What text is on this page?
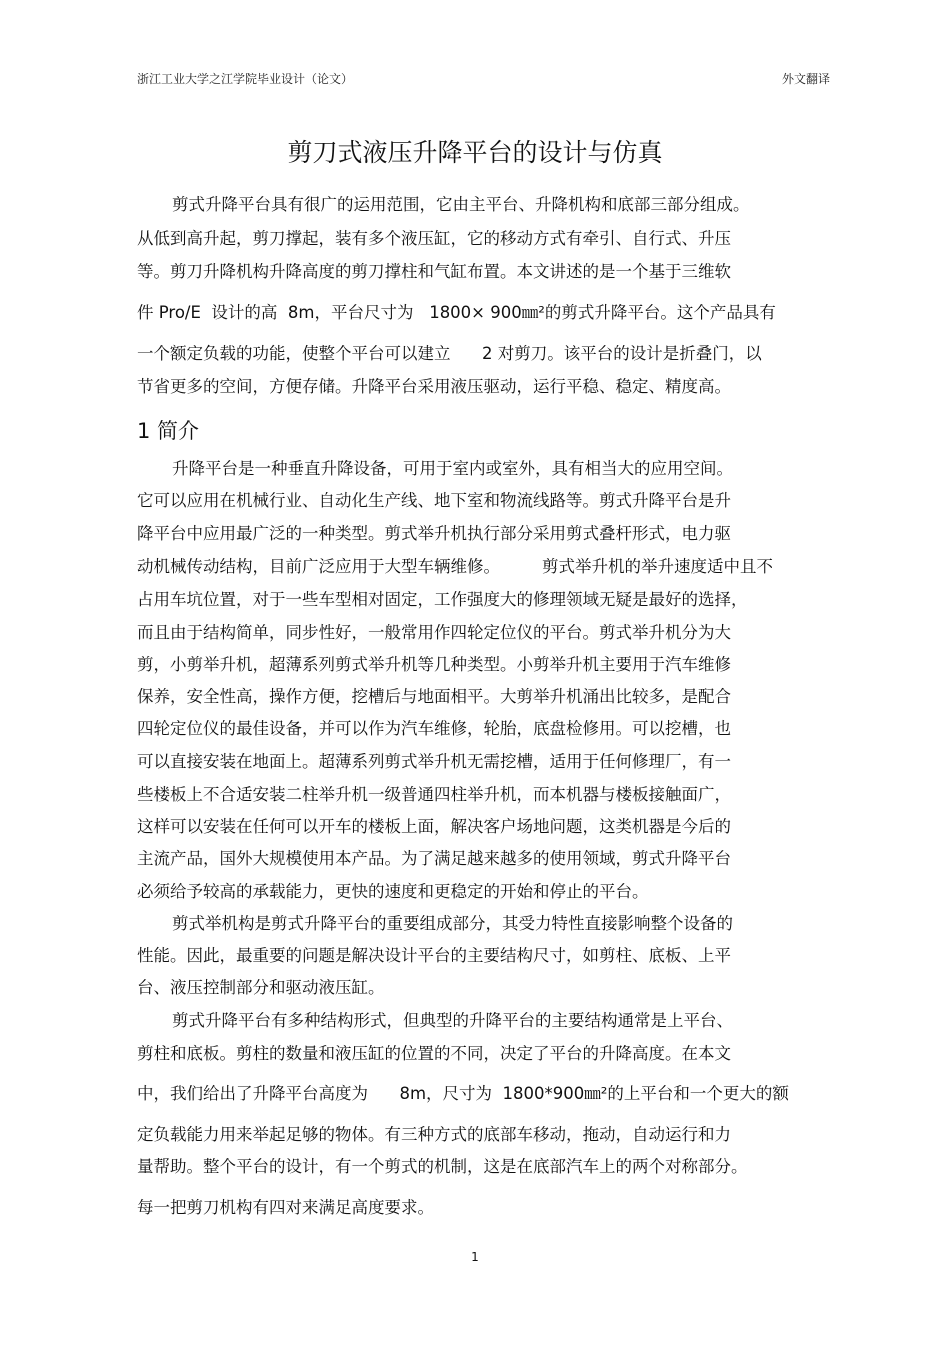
浙江工业大学之江学院毕业设计（论文）	外文翻译
剪刀式液压升降平台的设计与仿真
剪式升降平台具有很广的运用范围，它由主平台、升降机构和底部三部分组成。
从低到高升起，剪刀撑起，装有多个液压缸，它的移动方式有牵引、自行式、升压
等。剪刀升降机构升降高度的剪刀撑柱和气缸布置。本文讲述的是一个基于三维软
件 Pro/E  设计的高  8m，平台尺寸为   1800× 900㎜²的剪式升降平台。这个产品具有
一个额定负载的功能，使整个平台可以建立      2 对剪刀。该平台的设计是折叠门，以
节省更多的空间，方便存储。升降平台采用液压驱动，运行平稳、稳定、精度高。
1 简介
升降平台是一种垂直升降设备，可用于室内或室外，具有相当大的应用空间。
它可以应用在机械行业、自动化生产线、地下室和物流线路等。剪式升降平台是升
降平台中应用最广泛的一种类型。剪式举升机执行部分采用剪式叠杆形式，电力驱
动机械传动结构，目前广泛应用于大型车辆维修。        剪式举升机的举升速度适中且不
占用车坑位置，对于一些车型相对固定，工作强度大的修理领域无疑是最好的选择，
而且由于结构简单，同步性好，一般常用作四轮定位仪的平台。剪式举升机分为大
剪，小剪举升机，超薄系列剪式举升机等几种类型。小剪举升机主要用于汽车维修
保养，安全性高，操作方便，挖槽后与地面相平。大剪举升机涌出比较多，是配合
四轮定位仪的最佳设备，并可以作为汽车维修，轮胎，底盘检修用。可以挖槽，也
可以直接安装在地面上。超薄系列剪式举升机无需挖槽，适用于任何修理厂，有一
些楼板上不合适安装二柱举升机一级普通四柱举升机，而本机器与楼板接触面广，
这样可以安装在任何可以开车的楼板上面，解决客户场地问题，这类机器是今后的
主流产品，国外大规模使用本产品。为了满足越来越多的使用领域，剪式升降平台
必须给予较高的承载能力，更快的速度和更稳定的开始和停止的平台。
剪式举机构是剪式升降平台的重要组成部分，其受力特性直接影响整个设备的
性能。因此，最重要的问题是解决设计平台的主要结构尺寸，如剪柱、底板、上平
台、液压控制部分和驱动液压缸。
剪式升降平台有多种结构形式，但典型的升降平台的主要结构通常是上平台、
剪柱和底板。剪柱的数量和液压缸的位置的不同，决定了平台的升降高度。在本文
中，我们给出了升降平台高度为      8m，尺寸为  1800*900㎜²的上平台和一个更大的额
定负载能力用来举起足够的物体。有三种方式的底部车移动，拖动，自动运行和力
量帮助。整个平台的设计，有一个剪式的机制，这是在底部汽车上的两个对称部分。
每一把剪刀机构有四对来满足高度要求。
1
